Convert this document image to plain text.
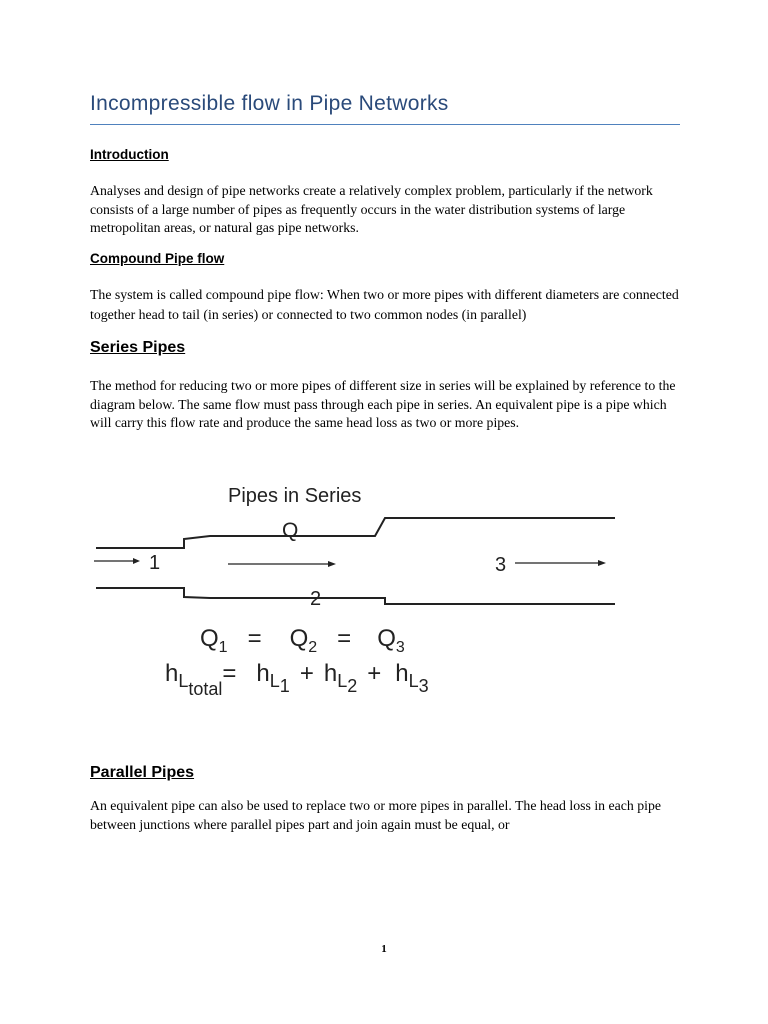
Incompressible flow in Pipe Networks
Introduction

Analyses and design of pipe networks create a relatively complex problem, particularly if the network consists of a large number of pipes as frequently occurs in the water distribution systems of large metropolitan areas, or natural gas pipe networks.

Compound Pipe flow

The system is called compound pipe flow: When two or more pipes with different diameters are connected together head to tail (in series) or connected to two common nodes (in parallel)

Series Pipes

The method for reducing two or more pipes of different size in series will be explained by reference to the diagram below. The same flow must pass through each pipe in series. An equivalent pipe is a pipe which will carry this flow rate and produce the same head loss as two or more pipes.

Pipes in Series
Q
1	3
2
$Q_1 = Q_2 = Q_3$
$h_{Ltotal}= h_{L1} + h_{L2} + h_{L3}$
Parallel Pipes

An equivalent pipe can also be used to replace two or more pipes in parallel. The head loss in each pipe between junctions where parallel pipes part and join again must be equal, or

1
